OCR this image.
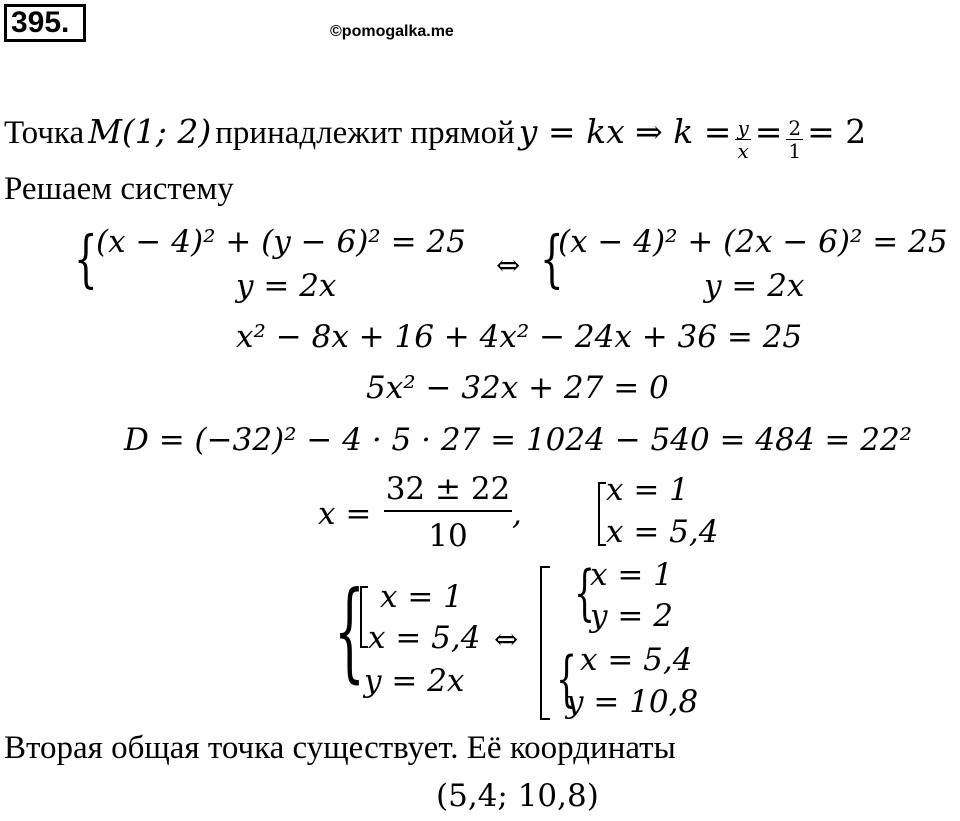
395.	©pomogalka.me
Точка M(1; 2) принадлежит прямой y = kx ⇒ $k = \frac{y}{x} = \frac{2}{1} = 2$
Решаем систему
{
(x − 4)² + (y − 6)² = 25
y = 2x
⇔ {
(x − 4)² + (2x − 6)² = 25
y = 2x
x² − 8x + 16 + 4x² − 24x + 36 = 25
5x² − 32x + 27 = 0
D = (−32)² − 4 · 5 · 27 = 1024 − 540 = 484 = 22²
x =
32 ± 22
10
,
x = 1
x = 5,4
{ x = 1
x = 5,4
y = 2x
⇔
{
x = 1
y = 2
{ x = 5,4
y = 10,8
Вторая общая точка существует. Её координаты
(5,4; 10,8)
